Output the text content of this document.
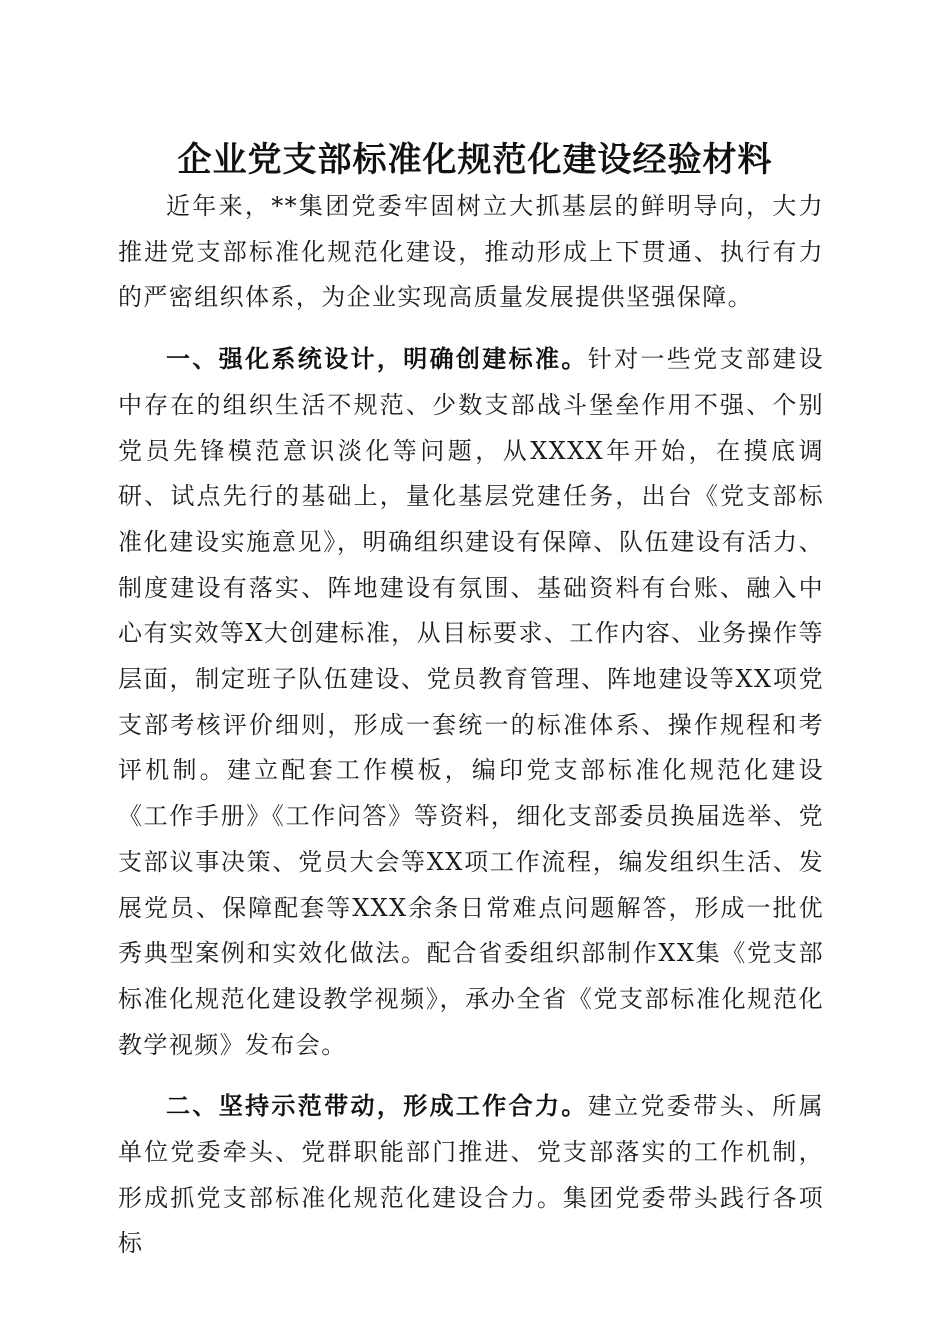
企业党支部标准化规范化建设经验材料

近年来，**集团党委牢固树立大抓基层的鲜明导向，大力推进党支部标准化规范化建设，推动形成上下贯通、执行有力的严密组织体系，为企业实现高质量发展提供坚强保障。

一、强化系统设计，明确创建标准。针对一些党支部建设中存在的组织生活不规范、少数支部战斗堡垒作用不强、个别党员先锋模范意识淡化等问题，从XXXX年开始，在摸底调研、试点先行的基础上，量化基层党建任务，出台《党支部标准化建设实施意见》，明确组织建设有保障、队伍建设有活力、制度建设有落实、阵地建设有氛围、基础资料有台账、融入中心有实效等X大创建标准，从目标要求、工作内容、业务操作等层面，制定班子队伍建设、党员教育管理、阵地建设等XX项党支部考核评价细则，形成一套统一的标准体系、操作规程和考评机制。建立配套工作模板，编印党支部标准化规范化建设《工作手册》《工作问答》等资料，细化支部委员换届选举、党支部议事决策、党员大会等XX项工作流程，编发组织生活、发展党员、保障配套等XXX余条日常难点问题解答，形成一批优秀典型案例和实效化做法。配合省委组织部制作XX集《党支部标准化规范化建设教学视频》，承办全省《党支部标准化规范化教学视频》发布会。

二、坚持示范带动，形成工作合力。建立党委带头、所属单位党委牵头、党群职能部门推进、党支部落实的工作机制，形成抓党支部标准化规范化建设合力。集团党委带头践行各项标
